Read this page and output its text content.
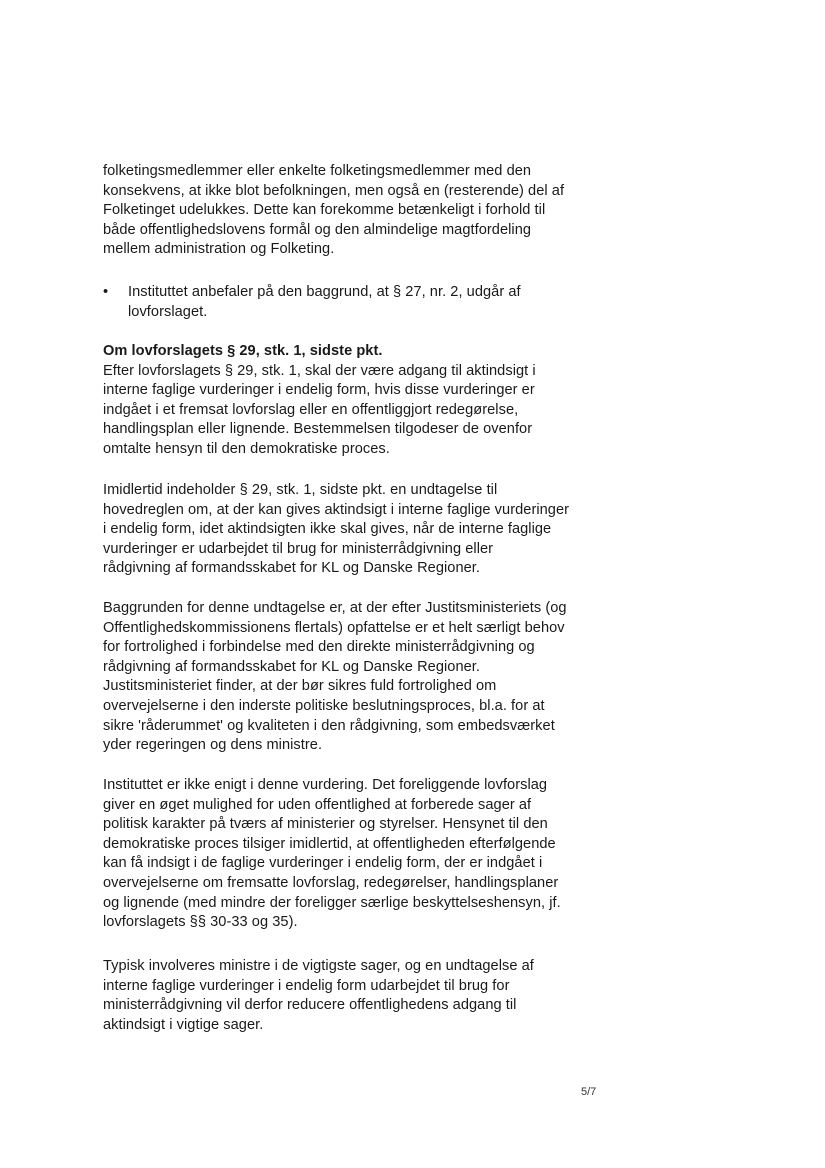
folketingsmedlemmer eller enkelte folketingsmedlemmer med den
konsekvens, at ikke blot befolkningen, men også en (resterende) del af
Folketinget udelukkes. Dette kan forekomme betænkeligt i forhold til
både offentlighedslovens formål og den almindelige magtfordeling
mellem administration og Folketing.
• Instituttet anbefaler på den baggrund, at § 27, nr. 2, udgår af
lovforslaget.
Om lovforslagets § 29, stk. 1, sidste pkt.
Efter lovforslagets § 29, stk. 1, skal der være adgang til aktindsigt i
interne faglige vurderinger i endelig form, hvis disse vurderinger er
indgået i et fremsat lovforslag eller en offentliggjort redegørelse,
handlingsplan eller lignende. Bestemmelsen tilgodeser de ovenfor
omtalte hensyn til den demokratiske proces.
Imidlertid indeholder § 29, stk. 1, sidste pkt. en undtagelse til
hovedreglen om, at der kan gives aktindsigt i interne faglige vurderinger
i endelig form, idet aktindsigten ikke skal gives, når de interne faglige
vurderinger er udarbejdet til brug for ministerrådgivning eller
rådgivning af formandsskabet for KL og Danske Regioner.
Baggrunden for denne undtagelse er, at der efter Justitsministeriets (og
Offentlighedskommissionens flertals) opfattelse er et helt særligt behov
for fortrolighed i forbindelse med den direkte ministerrådgivning og
rådgivning af formandsskabet for KL og Danske Regioner.
Justitsministeriet finder, at der bør sikres fuld fortrolighed om
overvejelserne i den inderste politiske beslutningsproces, bl.a. for at
sikre 'råderummet' og kvaliteten i den rådgivning, som embedsværket
yder regeringen og dens ministre.
Instituttet er ikke enigt i denne vurdering. Det foreliggende lovforslag
giver en øget mulighed for uden offentlighed at forberede sager af
politisk karakter på tværs af ministerier og styrelser. Hensynet til den
demokratiske proces tilsiger imidlertid, at offentligheden efterfølgende
kan få indsigt i de faglige vurderinger i endelig form, der er indgået i
overvejelserne om fremsatte lovforslag, redegørelser, handlingsplaner
og lignende (med mindre der foreligger særlige beskyttelseshensyn, jf.
lovforslagets §§ 30-33 og 35).
Typisk involveres ministre i de vigtigste sager, og en undtagelse af
interne faglige vurderinger i endelig form udarbejdet til brug for
ministerrådgivning vil derfor reducere offentlighedens adgang til
aktindsigt i vigtige sager.
5/7
